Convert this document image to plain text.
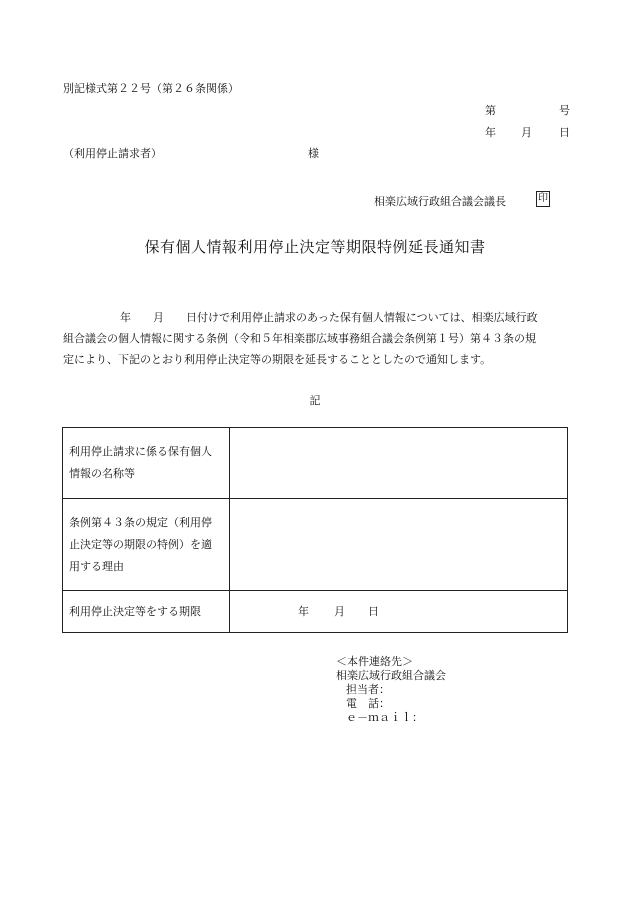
別記様式第２２号（第２６条関係）
第	号
年 月 日
（利用停止請求者）	様
相楽広域行政組合議会議長	印
保有個人情報利用停止決定等期限特例延長通知書
年　　月　　日付けで利用停止請求のあった保有個人情報については、相楽広域行政
組合議会の個人情報に関する条例（令和５年相楽郡広域事務組合議会条例第１号）第４３条の規
定により、下記のとおり利用停止決定等の期限を延長することとしたので通知します。
記
利用停止請求に係る保有個人
情報の名称等	

条例第４３条の規定（利用停
止決定等の期限の特例）を適
用する理由	

利用停止決定等をする期限	年 月 日
＜本件連絡先＞
相楽広域行政組合議会
担当者：
電　話：
ｅ－ｍａｉｌ：
